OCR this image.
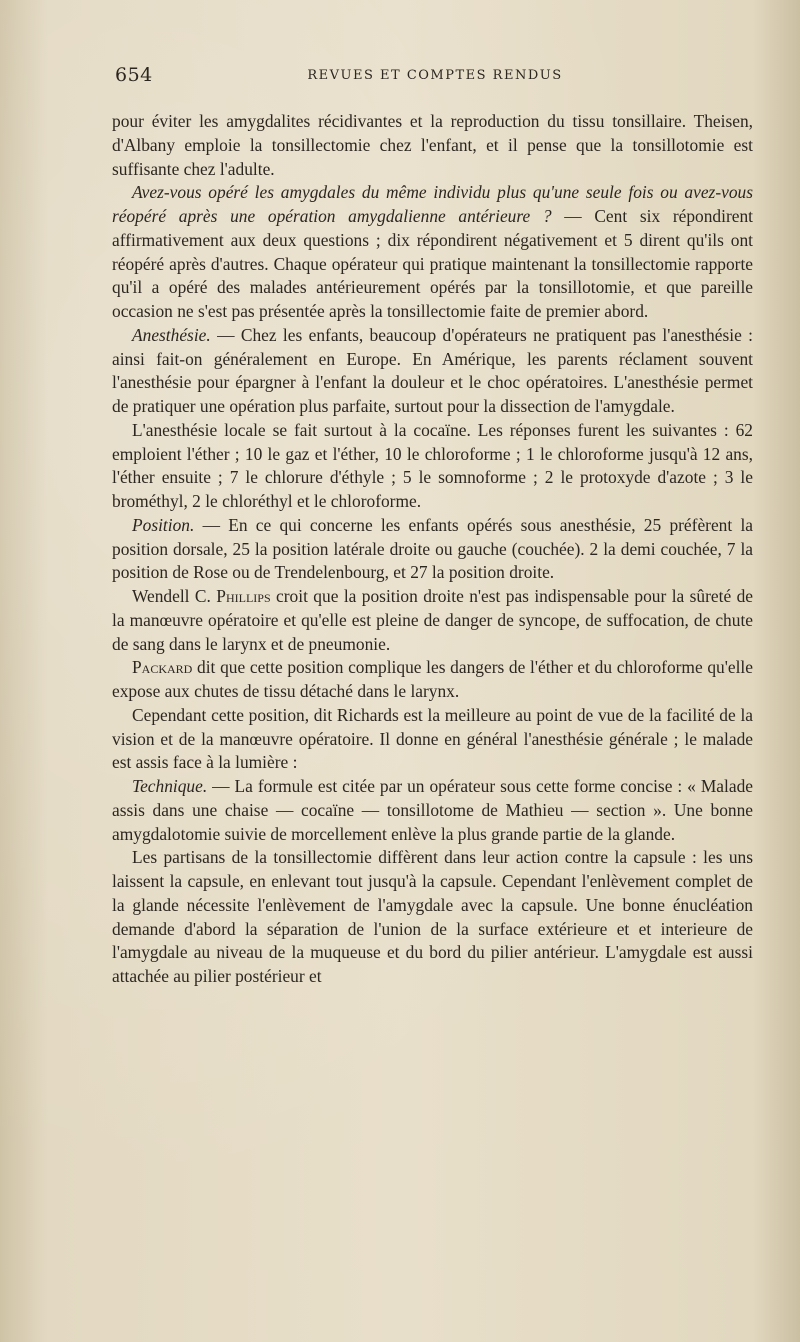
654	REVUES ET COMPTES RENDUS

pour éviter les amygdalites récidivantes et la reproduction du tissu tonsillaire. Theisen, d'Albany emploie la tonsillectomie chez l'enfant, et il pense que la tonsillotomie est suffisante chez l'adulte.

Avez-vous opéré les amygdales du même individu plus qu'une seule fois ou avez-vous réopéré après une opération amygdalienne antérieure ? — Cent six répondirent affirmativement aux deux questions ; dix répondirent négativement et 5 dirent qu'ils ont réopéré après d'autres. Chaque opérateur qui pratique maintenant la tonsillectomie rapporte qu'il a opéré des malades antérieurement opérés par la tonsillotomie, et que pareille occasion ne s'est pas présentée après la tonsillectomie faite de premier abord.

Anesthésie. — Chez les enfants, beaucoup d'opérateurs ne pratiquent pas l'anesthésie : ainsi fait-on généralement en Europe. En Amérique, les parents réclament souvent l'anesthésie pour épargner à l'enfant la douleur et le choc opératoires. L'anesthésie permet de pratiquer une opération plus parfaite, surtout pour la dissection de l'amygdale.

L'anesthésie locale se fait surtout à la cocaïne. Les réponses furent les suivantes : 62 emploient l'éther ; 10 le gaz et l'éther, 10 le chloroforme ; 1 le chloroforme jusqu'à 12 ans, l'éther ensuite ; 7 le chlorure d'éthyle ; 5 le somnoforme ; 2 le protoxyde d'azote ; 3 le brométhyl, 2 le chloréthyl et le chloroforme.

Position. — En ce qui concerne les enfants opérés sous anesthésie, 25 préfèrent la position dorsale, 25 la position latérale droite ou gauche (couchée). 2 la demi couchée, 7 la position de Rose ou de Trendelenbourg, et 27 la position droite.

Wendell C. Phillips croit que la position droite n'est pas indispensable pour la sûreté de la manœuvre opératoire et qu'elle est pleine de danger de syncope, de suffocation, de chute de sang dans le larynx et de pneumonie.

Packard dit que cette position complique les dangers de l'éther et du chloroforme qu'elle expose aux chutes de tissu détaché dans le larynx.

Cependant cette position, dit Richards est la meilleure au point de vue de la facilité de la vision et de la manœuvre opératoire. Il donne en général l'anesthésie générale ; le malade est assis face à la lumière :

Technique. — La formule est citée par un opérateur sous cette forme concise : « Malade assis dans une chaise — cocaïne — tonsillotome de Mathieu — section ». Une bonne amygdalotomie suivie de morcellement enlève la plus grande partie de la glande.

Les partisans de la tonsillectomie diffèrent dans leur action contre la capsule : les uns laissent la capsule, en enlevant tout jusqu'à la capsule. Cependant l'enlèvement complet de la glande nécessite l'enlèvement de l'amygdale avec la capsule. Une bonne énucléation demande d'abord la séparation de l'union de la surface extérieure et et interieure de l'amygdale au niveau de la muqueuse et du bord du pilier antérieur. L'amygdale est aussi attachée au pilier postérieur et
